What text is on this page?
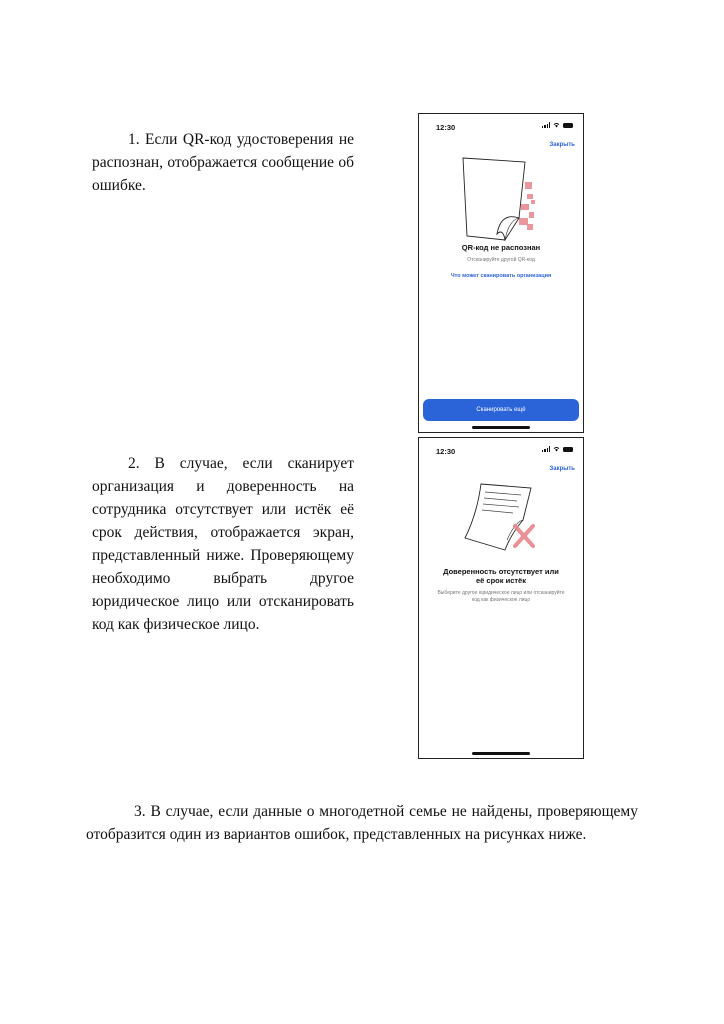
1. Если QR-код удостоверения не распознан, отображается сообщение об ошибке.

12:30
Закрыть
QR-код не распознан
Отсканируйте другой QR-код
Что может сканировать организация
Сканировать ещё

2. В случае, если сканирует организация и доверенность на сотрудника отсутствует или истёк её срок действия, отображается экран, представленный ниже. Проверяющему необходимо выбрать другое юридическое лицо или отсканировать код как физическое лицо.

12:30
Закрыть
Доверенность отсутствует или её срок истёк
Выберите другое юридическое лицо или отсканируйте код как физическое лицо

3. В случае, если данные о многодетной семье не найдены, проверяющему отобразится один из вариантов ошибок, представленных на рисунках ниже.
